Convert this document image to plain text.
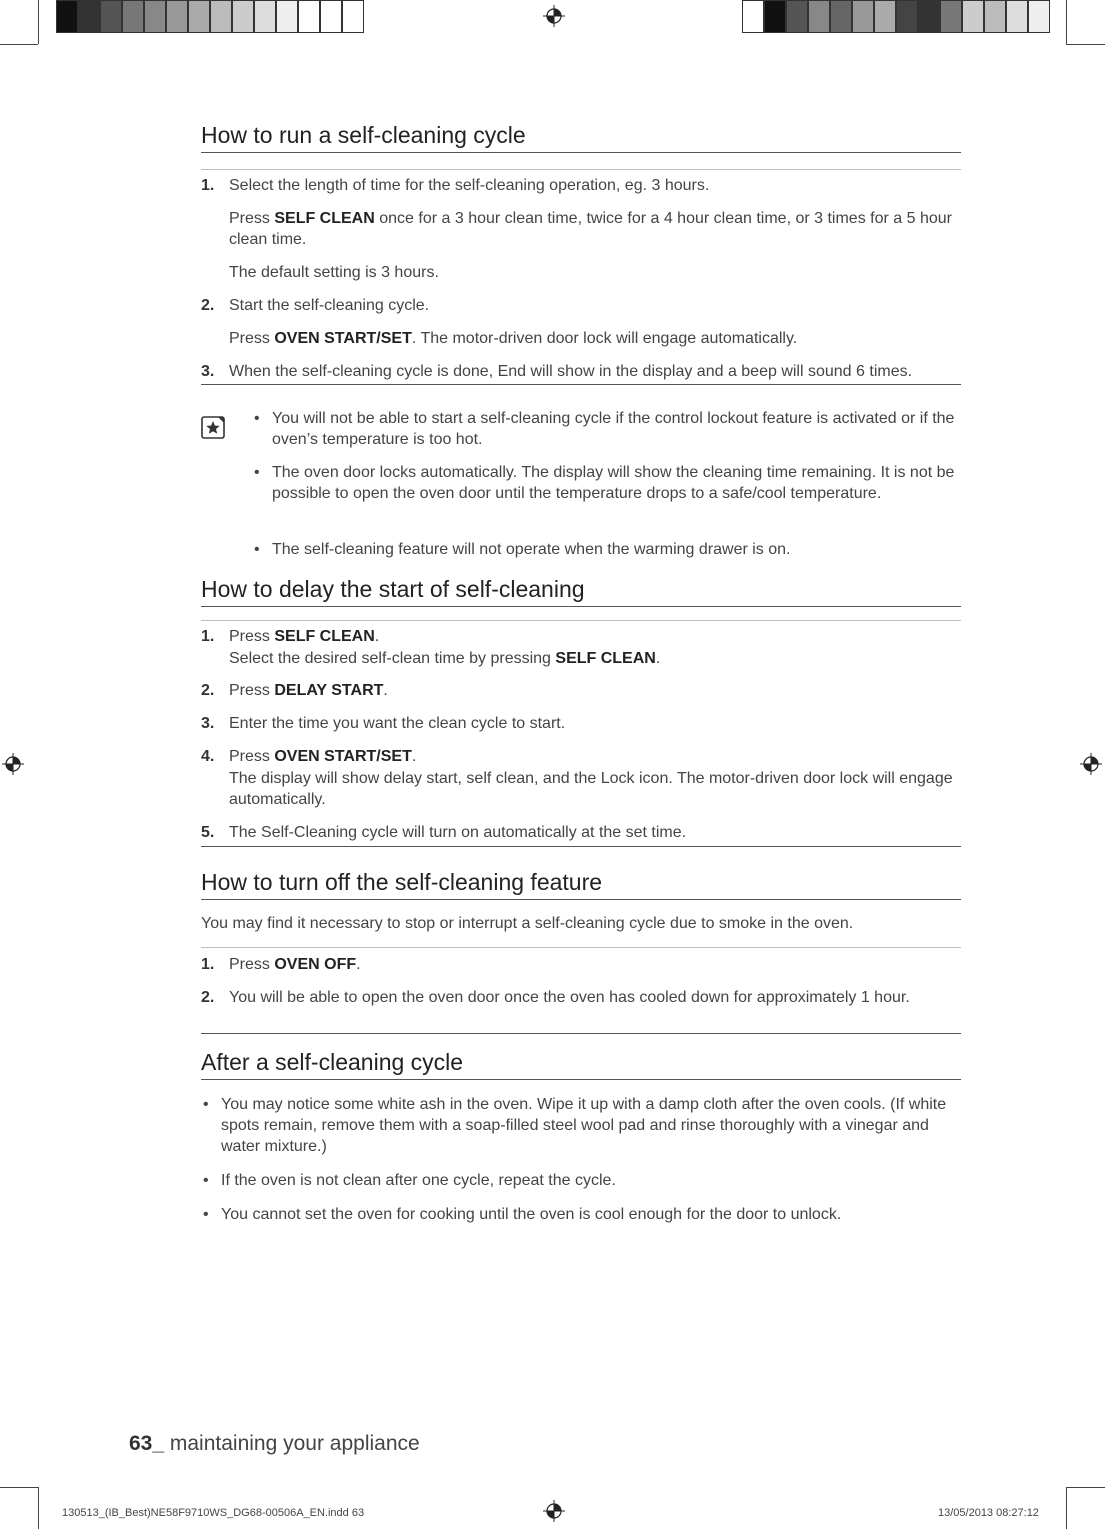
How to run a self-cleaning cycle
1. Select the length of time for the self-cleaning operation, eg. 3 hours.
Press SELF CLEAN once for a 3 hour clean time, twice for a 4 hour clean time, or 3 times for a 5 hour clean time.
The default setting is 3 hours.
2. Start the self-cleaning cycle.
Press OVEN START/SET. The motor-driven door lock will engage automatically.
3. When the self-cleaning cycle is done, End will show in the display and a beep will sound 6 times.
• You will not be able to start a self-cleaning cycle if the control lockout feature is activated or if the oven’s temperature is too hot.
• The oven door locks automatically. The display will show the cleaning time remaining. It is not be possible to open the oven door until the temperature drops to a safe/cool temperature.
• The self-cleaning feature will not operate when the warming drawer is on.
How to delay the start of self-cleaning
1. Press SELF CLEAN.
Select the desired self-clean time by pressing SELF CLEAN.
2. Press DELAY START.
3. Enter the time you want the clean cycle to start.
4. Press OVEN START/SET.
The display will show delay start, self clean, and the Lock icon. The motor-driven door lock will engage automatically.
5. The Self-Cleaning cycle will turn on automatically at the set time.
How to turn off the self-cleaning feature
You may find it necessary to stop or interrupt a self-cleaning cycle due to smoke in the oven.
1. Press OVEN OFF.
2. You will be able to open the oven door once the oven has cooled down for approximately 1 hour.
After a self-cleaning cycle
• You may notice some white ash in the oven. Wipe it up with a damp cloth after the oven cools. (If white spots remain, remove them with a soap-filled steel wool pad and rinse thoroughly with a vinegar and water mixture.)
• If the oven is not clean after one cycle, repeat the cycle.
• You cannot set the oven for cooking until the oven is cool enough for the door to unlock.
63_ maintaining your appliance
130513_(IB_Best)NE58F9710WS_DG68-00506A_EN.indd 63	13/05/2013 08:27:12
